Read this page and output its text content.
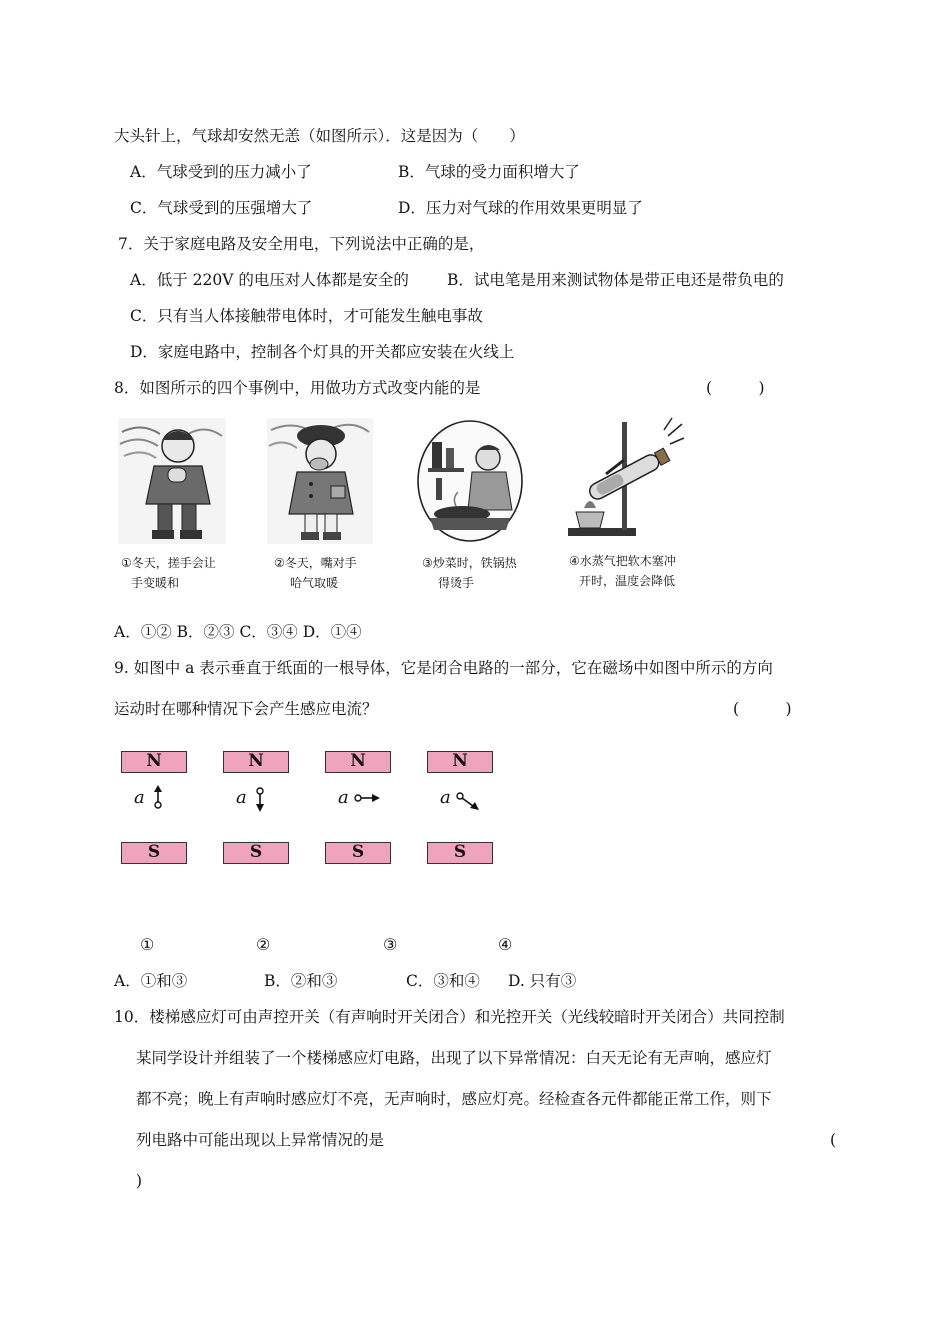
大头针上，气球却安然无恙（如图所示）．这是因为（　　）
A．气球受到的压力减小了	B．气球的受力面积增大了
C．气球受到的压强增大了	D．压力对气球的作用效果更明显了
7．关于家庭电路及安全用电，下列说法中正确的是，
A．低于 220V 的电压对人体都是安全的 B．试电笔是用来测试物体是带正电还是带负电的
C．只有当人体接触带电体时，才可能发生触电事故
D．家庭电路中，控制各个灯具的开关都应安装在火线上
8．如图所示的四个事例中，用做功方式改变内能的是	(　　　)
①冬天，搓手会让
手变暖和
②冬天，嘴对手
哈气取暖
③炒菜时，铁锅热
得烫手
④水蒸气把软木塞冲
开时，温度会降低
A．①② B．②③ C．③④ D．①④
9. 如图中 a 表示垂直于纸面的一根导体，它是闭合电路的一部分，它在磁场中如图中所示的方向
运动时在哪种情况下会产生感应电流？	(　　　)
N	N	N	N
a	a	a	a
S	S	S	S
①	②	③	④
A．①和③	B．②和③	C．③和④ D. 只有③
10．楼梯感应灯可由声控开关（有声响时开关闭合）和光控开关（光线较暗时开关闭合）共同控制
某同学设计并组装了一个楼梯感应灯电路，出现了以下异常情况：白天无论有无声响，感应灯
都不亮；晚上有声响时感应灯不亮，无声响时，感应灯亮。经检查各元件都能正常工作，则下
列电路中可能出现以上异常情况的是	(
)
